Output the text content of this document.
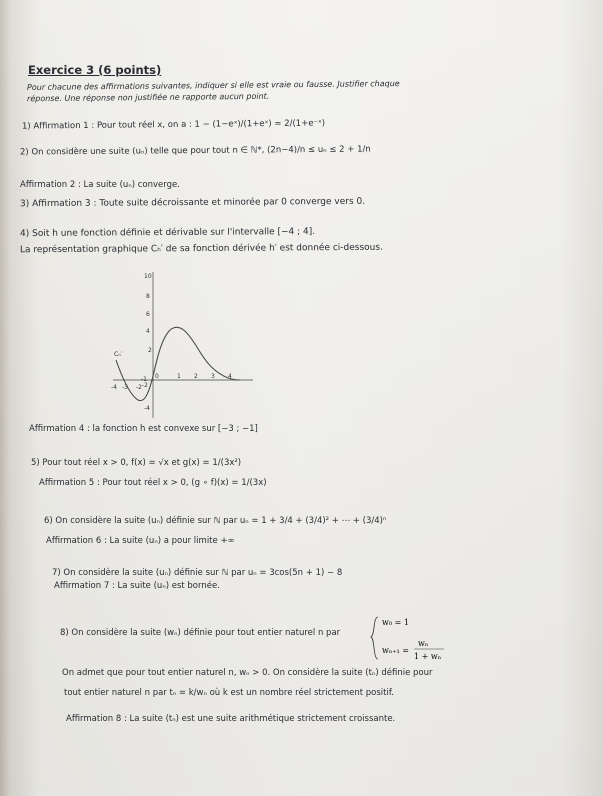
Exercice 3 (6 points)
Pour chacune des affirmations suivantes, indiquer si elle est vraie ou fausse. Justifier chaque
réponse. Une réponse non justifiée ne rapporte aucun point.
1) Affirmation 1 : Pour tout réel x, on a : 1 − (1−eˣ)/(1+eˣ) = 2/(1+e⁻ˣ)
2) On considère une suite (uₙ) telle que pour tout n ∈ ℕ*, (2n−4)/n ≤ uₙ ≤ 2 + 1/n
Affirmation 2 : La suite (uₙ) converge.
3) Affirmation 3 : Toute suite décroissante et minorée par 0 converge vers 0.
4) Soit h une fonction définie et dérivable sur l'intervalle [−4 ; 4].
La représentation graphique Cₕ′ de sa fonction dérivée h′ est donnée ci-dessous.
-4 -3 -2
-1 0	1 2 3 4
10
8
6
4
2
-2
-4
Cₕ′
Affirmation 4 : la fonction h est convexe sur [−3 ; −1]
5) Pour tout réel x > 0, f(x) = √x et g(x) = 1/(3x²)
Affirmation 5 : Pour tout réel x > 0, (g ∘ f)(x) = 1/(3x)
6) On considère la suite (uₙ) définie sur ℕ par uₙ = 1 + 3/4 + (3/4)² + ⋯ + (3/4)ⁿ
Affirmation 6 : La suite (uₙ) a pour limite +∞
7) On considère la suite (uₙ) définie sur ℕ par uₙ = 3cos(5n + 1) − 8
Affirmation 7 : La suite (uₙ) est bornée.
8) On considère la suite (wₙ) définie pour tout entier naturel n par
w₀ = 1
wₙ₊₁ =
wₙ
1 + wₙ
On admet que pour tout entier naturel n, wₙ > 0. On considère la suite (tₙ) définie pour
tout entier naturel n par tₙ = k/wₙ où k est un nombre réel strictement positif.
Affirmation 8 : La suite (tₙ) est une suite arithmétique strictement croissante.
